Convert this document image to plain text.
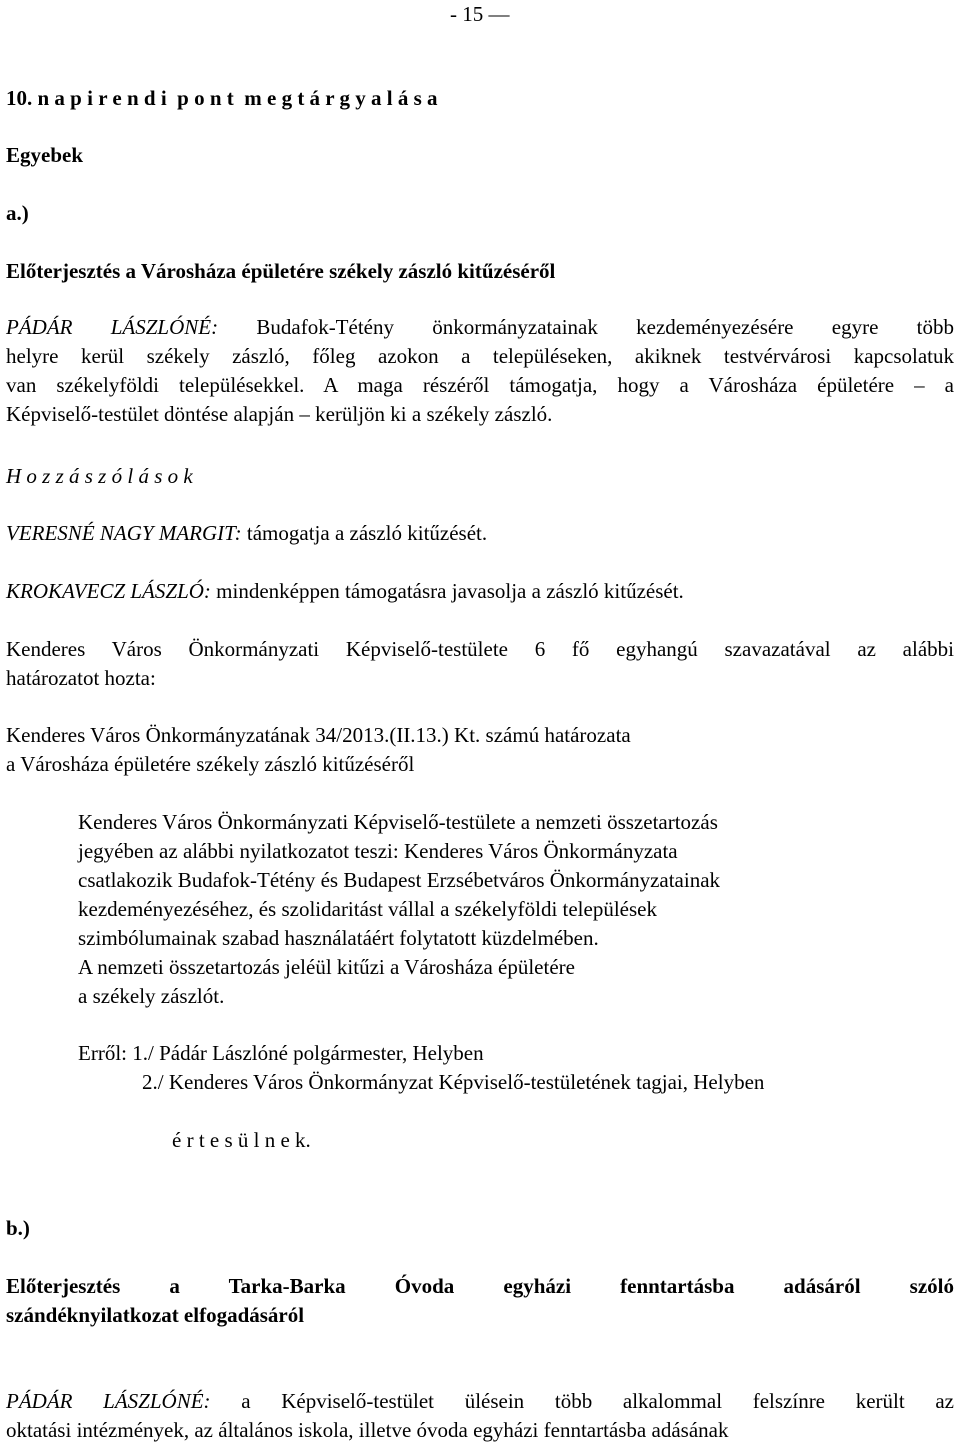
- 15 —
10. n a p i r e n d i  p o n t  m e g t á r g y a l á s a
Egyebek
a.)
Előterjesztés a Városháza épületére székely zászló kitűzéséről
PÁDÁR LÁSZLÓNÉ: Budafok-Tétény önkormányzatainak kezdeményezésére egyre több
helyre kerül székely zászló, főleg azokon a településeken, akiknek testvérvárosi kapcsolatuk
van székelyföldi településekkel. A maga részéről támogatja, hogy a Városháza épületére – a
Képviselő-testület döntése alapján – kerüljön ki a székely zászló.
H o z z á s z ó l á s o k
VERESNÉ NAGY MARGIT: támogatja a zászló kitűzését.
KROKAVECZ LÁSZLÓ: mindenképpen támogatásra javasolja a zászló kitűzését.
Kenderes Város Önkormányzati Képviselő-testülete 6 fő egyhangú szavazatával az alábbi
határozatot hozta:
Kenderes Város Önkormányzatának 34/2013.(II.13.) Kt. számú határozata
a Városháza épületére székely zászló kitűzéséről
Kenderes Város Önkormányzati Képviselő-testülete a nemzeti összetartozás
jegyében az alábbi nyilatkozatot teszi: Kenderes Város Önkormányzata
csatlakozik Budafok-Tétény és Budapest Erzsébetváros Önkormányzatainak
kezdeményezéséhez, és szolidaritást vállal a székelyföldi települések
szimbólumainak szabad használatáért folytatott küzdelmében.
A nemzeti összetartozás jeléül kitűzi a Városháza épületére
a székely zászlót.
Erről: 1./ Pádár Lászlóné polgármester, Helyben
2./ Kenderes Város Önkormányzat Képviselő-testületének tagjai, Helyben
é r t e s ü l n e k.
b.)
Előterjesztés a Tarka-Barka Óvoda egyházi fenntartásba adásáról szóló
szándéknyilatkozat elfogadásáról
PÁDÁR LÁSZLÓNÉ: a Képviselő-testület ülésein több alkalommal felszínre került az
oktatási intézmények, az általános iskola, illetve óvoda egyházi fenntartásba adásának
